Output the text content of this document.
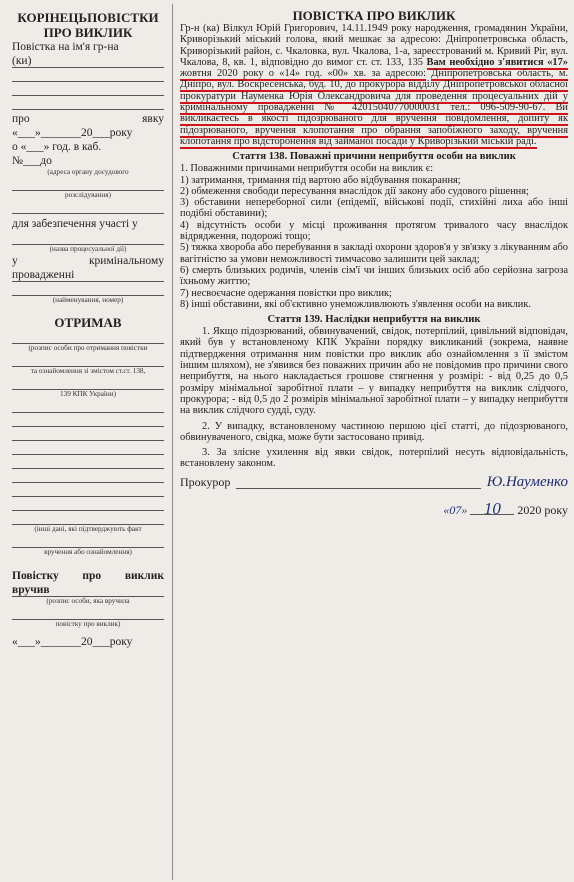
КОРІНЕЦЬПОВІСТКИ ПРО ВИКЛИК
Повістка на ім'я гр-на
(ки)
про	явку
«___»_______20___року
о «___» год. в каб.
№___до
(адреса органу досудового
розслідування)
для забезпечення участі у
(назва процесуальної дії)
у	кримінальному
провадженні
(найменування, номер)
ОТРИМАВ
(розпис особи про отримання повістки
та ознайомлення зі змістом ст.ст. 138,
139 КПК України)
(інші дані, які підтверджують факт
вручення або ознайомлення)
Повістку про виклик
вручив
(розпис особи, яка вручила
повістку про виклик)
«___»_______20___року
ПОВІСТКА ПРО ВИКЛИК

Гр-н (ка) Вілкул Юрій Григорович, 14.11.1949 року народження, громадянин України, Криворізький міський голова, який мешкає за адресою: Дніпропетровська область, Криворізький район, с. Чкаловка, вул. Чкалова, 1-а, зареєстрований м. Кривий Ріг, вул. Чкалова, 8, кв. 1, відповідно до вимог ст. ст. 133, 135 Вам необхідно з'явитися «17» жовтня 2020 року о «14» год. «00» хв. за адресою: Дніпропетровська область, м. Дніпро, вул. Воскресенська, буд. 10, до прокурора відділу Дніпропетровської обласної прокуратури Науменка Юрія Олександровича для проведення процесуальних дій у кримінальному провадженні № 42015040770000031 тел.: 096-509-90-67. Ви викликаєтесь в якості підозрюваного для вручення повідомлення, допиту як підозрюваного, вручення клопотання про обрання запобіжного заходу, вручення клопотання про відсторонення від займаної посади у Криворізький міській раді.

Стаття 138. Поважні причини неприбуття особи на виклик

1. Поважними причинами неприбуття особи на виклик є:

1) затримання, тримання під вартою або відбування покарання;

2) обмеження свободи пересування внаслідок дії закону або судового рішення;

3) обставини непереборної сили (епідемії, військові події, стихійні лиха або інші подібні обставини);

4) відсутність особи у місці проживання протягом тривалого часу внаслідок відрядження, подорожі тощо;

5) тяжка хвороба або перебування в закладі охорони здоров'я у зв'язку з лікуванням або вагітністю за умови неможливості тимчасово залишити цей заклад;

6) смерть близьких родичів, членів сім'ї чи інших близьких осіб або серйозна загроза їхньому життю;

7) несвоєчасне одержання повістки про виклик;

8) інші обставини, які об'єктивно унеможливлюють з'явлення особи на виклик.

Стаття 139. Наслідки неприбуття на виклик

1. Якщо підозрюваний, обвинувачений, свідок, потерпілий, цивільний відповідач, який був у встановленому КПК України порядку викликаний (зокрема, наявне підтвердження отримання ним повістки про виклик або ознайомлення з її змістом іншим шляхом), не з'явився без поважних причин або не повідомив про причини свого неприбуття, на нього накладається грошове стягнення у розмірі: - від 0,25 до 0,5 розміру мінімальної заробітної плати – у випадку неприбуття на виклик слідчого, прокурора; - від 0,5 до 2 розмірів мінімальної заробітної плати – у випадку неприбуття на виклик слідчого судді, суду.

2. У випадку, встановленому частиною першою цієї статті, до підозрюваного, обвинуваченого, свідка, може бути застосовано привід.

3. За злісне ухилення від явки свідок, потерпілий несуть відповідальність, встановлену законом.

Прокурор	Ю.Науменко
«07» 10 2020 року
